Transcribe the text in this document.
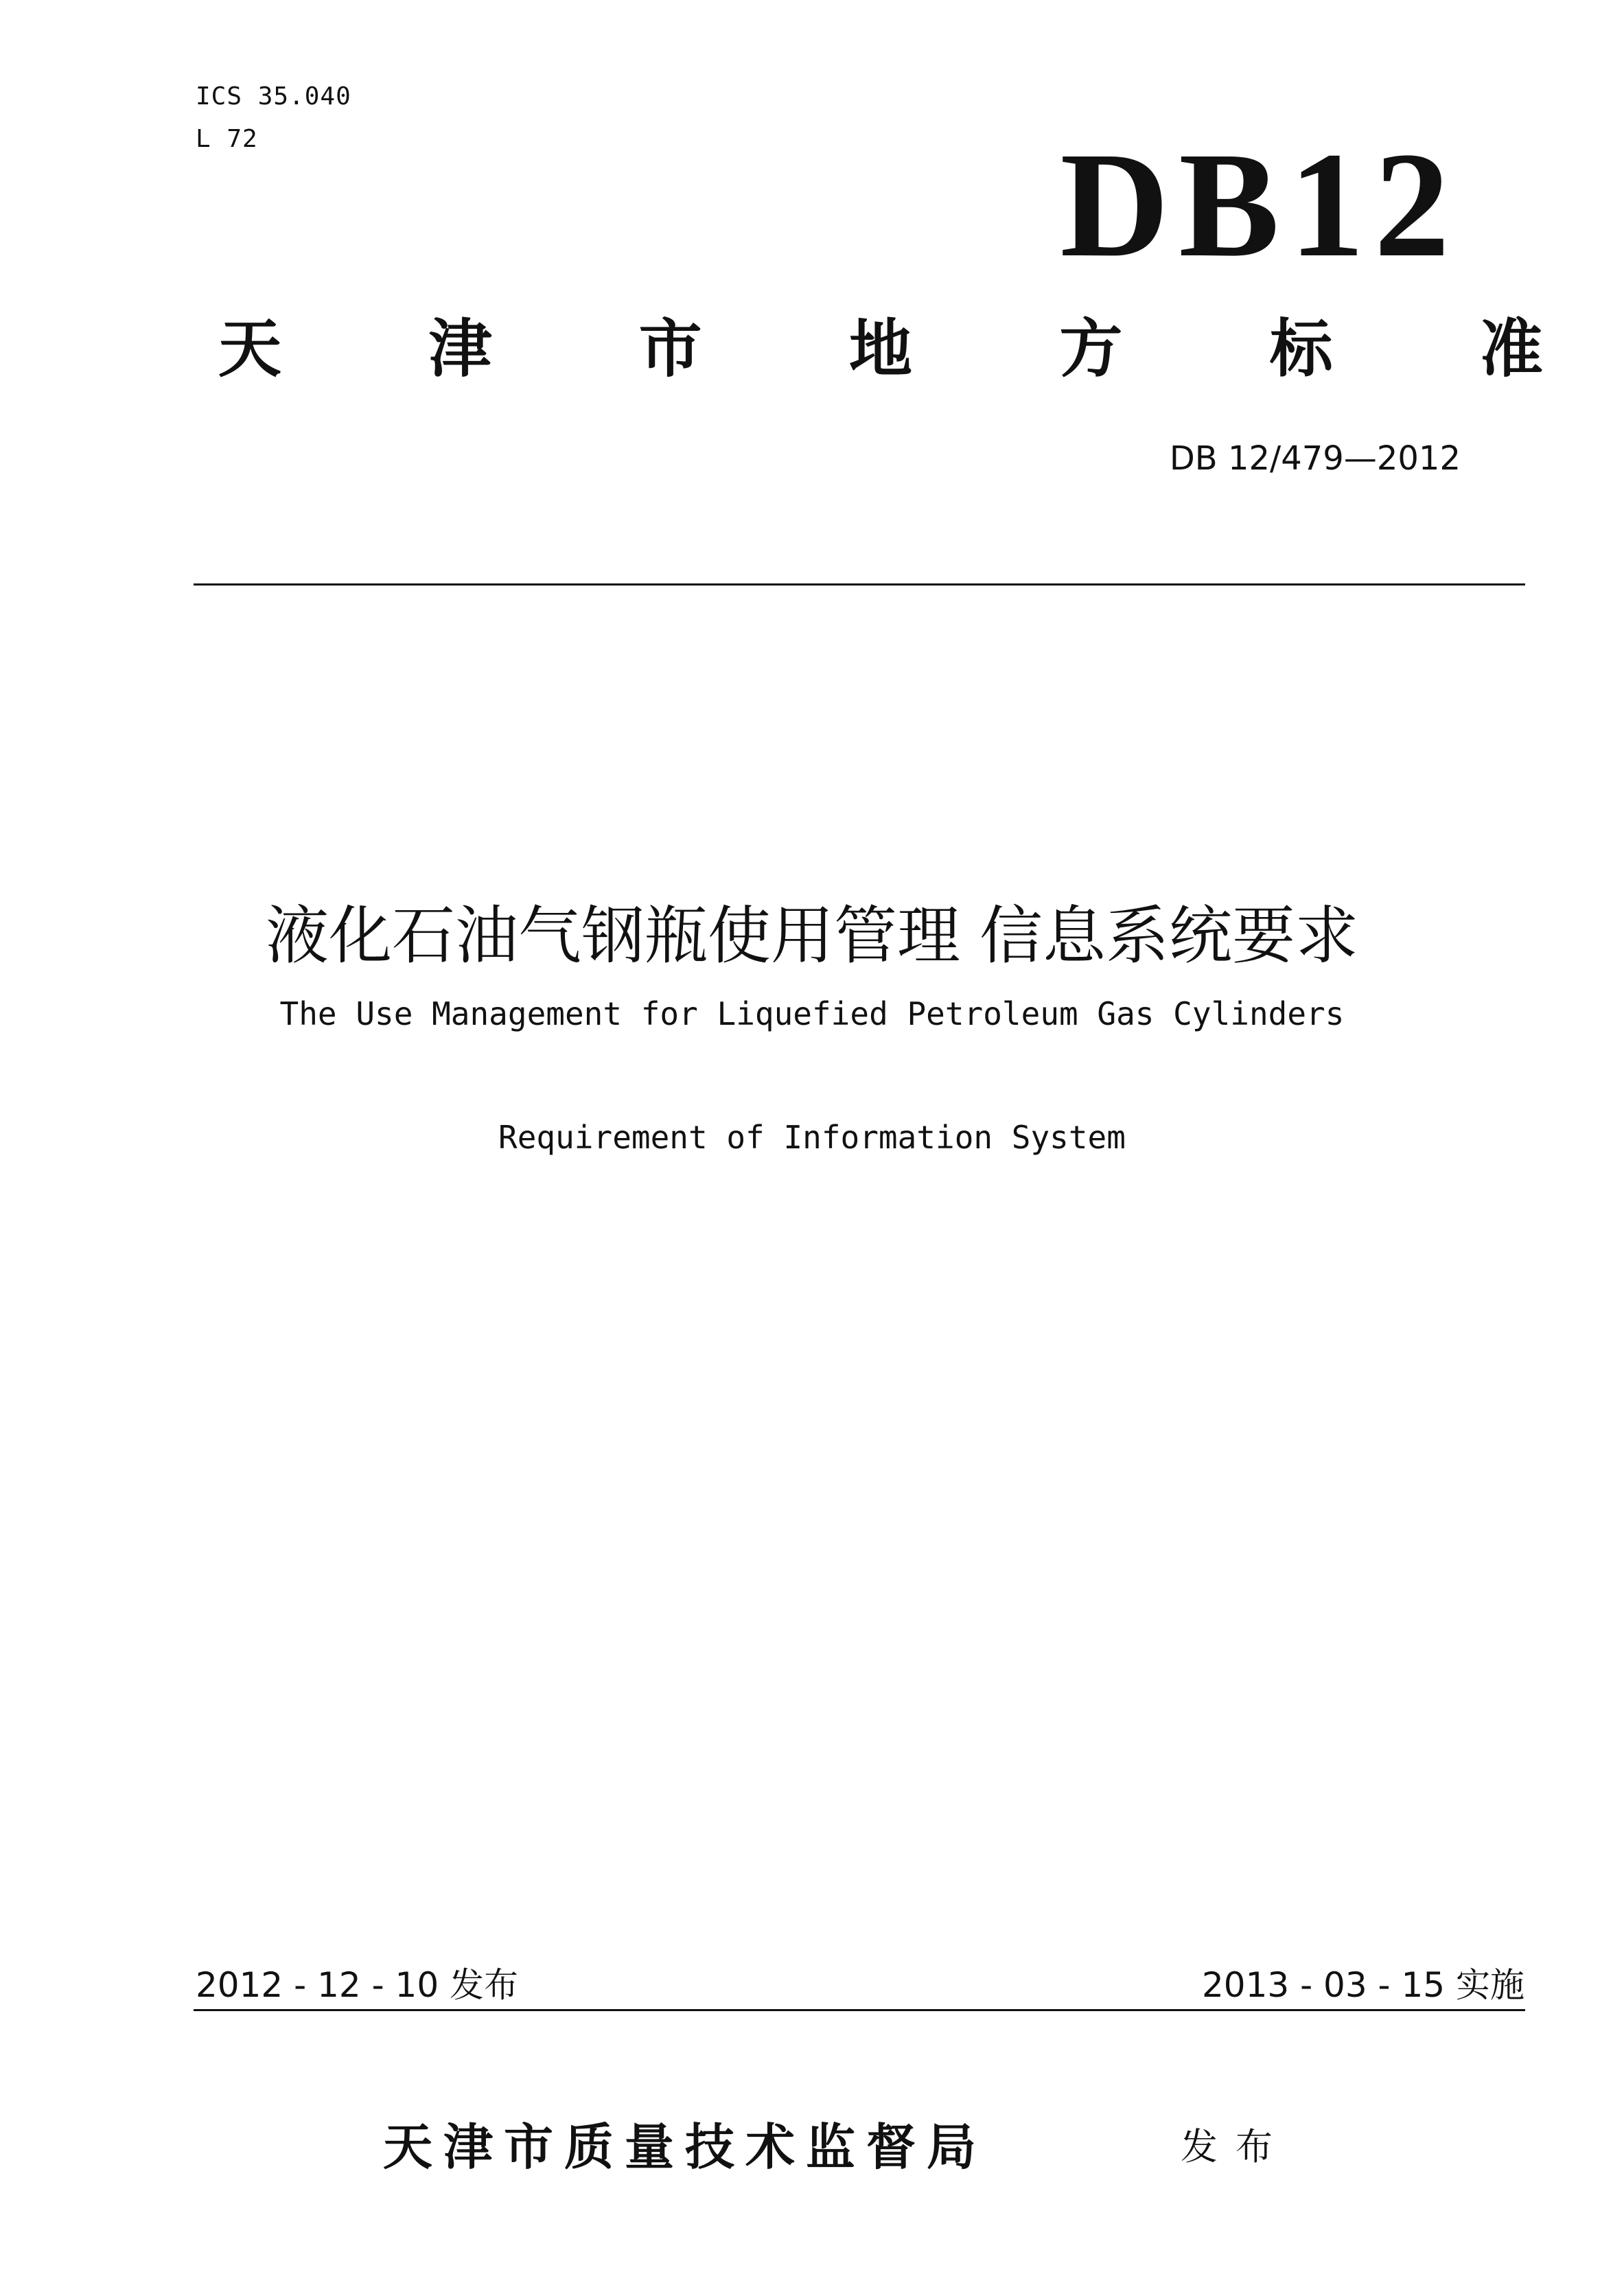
ICS 35.040
L 72	DB12
天 津 市 地 方 标 准
DB 12/479—2012
液化石油气钢瓶使用管理 信息系统要求
The Use Management for Liquefied Petroleum Gas Cylinders
Requirement of Information System
2012 - 12 - 10 发布	2013 - 03 - 15 实施
天津市质量技术监督局	发布
